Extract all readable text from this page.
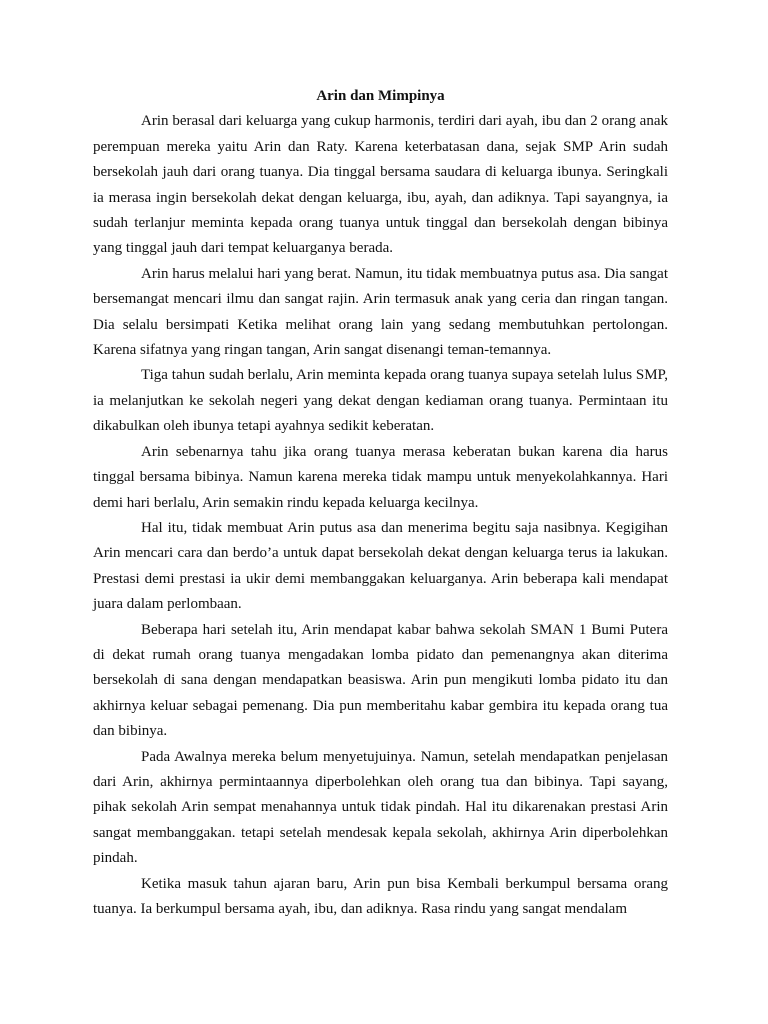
Arin dan Mimpinya

Arin berasal dari keluarga yang cukup harmonis, terdiri dari ayah, ibu dan 2 orang anak perempuan mereka yaitu Arin dan Raty. Karena keterbatasan dana, sejak SMP Arin sudah bersekolah jauh dari orang tuanya. Dia tinggal bersama saudara di keluarga ibunya. Seringkali ia merasa ingin bersekolah dekat dengan keluarga, ibu, ayah, dan adiknya. Tapi sayangnya, ia sudah terlanjur meminta kepada orang tuanya untuk tinggal dan bersekolah dengan bibinya yang tinggal jauh dari tempat keluarganya berada.

Arin harus melalui hari yang berat. Namun, itu tidak membuatnya putus asa. Dia sangat bersemangat mencari ilmu dan sangat rajin. Arin termasuk anak yang ceria dan ringan tangan. Dia selalu bersimpati Ketika melihat orang lain yang sedang membutuhkan pertolongan. Karena sifatnya yang ringan tangan, Arin sangat disenangi teman-temannya.

Tiga tahun sudah berlalu, Arin meminta kepada orang tuanya supaya setelah lulus SMP, ia melanjutkan ke sekolah negeri yang dekat dengan kediaman orang tuanya. Permintaan itu dikabulkan oleh ibunya tetapi ayahnya sedikit keberatan.

Arin sebenarnya tahu jika orang tuanya merasa keberatan bukan karena dia harus tinggal bersama bibinya. Namun karena mereka tidak mampu untuk menyekolahkannya. Hari demi hari berlalu, Arin semakin rindu kepada keluarga kecilnya.

Hal itu, tidak membuat Arin putus asa dan menerima begitu saja nasibnya. Kegigihan Arin mencari cara dan berdo’a untuk dapat bersekolah dekat dengan keluarga terus ia lakukan. Prestasi demi prestasi ia ukir demi membanggakan keluarganya. Arin beberapa kali mendapat juara dalam perlombaan.

Beberapa hari setelah itu, Arin mendapat kabar bahwa sekolah SMAN 1 Bumi Putera di dekat rumah orang tuanya mengadakan lomba pidato dan pemenangnya akan diterima bersekolah di sana dengan mendapatkan beasiswa. Arin pun mengikuti lomba pidato itu dan akhirnya keluar sebagai pemenang. Dia pun memberitahu kabar gembira itu kepada orang tua dan bibinya.

Pada Awalnya mereka belum menyetujuinya. Namun, setelah mendapatkan penjelasan dari Arin, akhirnya permintaannya diperbolehkan oleh orang tua dan bibinya. Tapi sayang, pihak sekolah Arin sempat menahannya untuk tidak pindah. Hal itu dikarenakan prestasi Arin sangat membanggakan. tetapi setelah mendesak kepala sekolah, akhirnya Arin diperbolehkan pindah.

Ketika masuk tahun ajaran baru, Arin pun bisa Kembali berkumpul bersama orang tuanya. Ia berkumpul bersama ayah, ibu, dan adiknya. Rasa rindu yang sangat mendalam
